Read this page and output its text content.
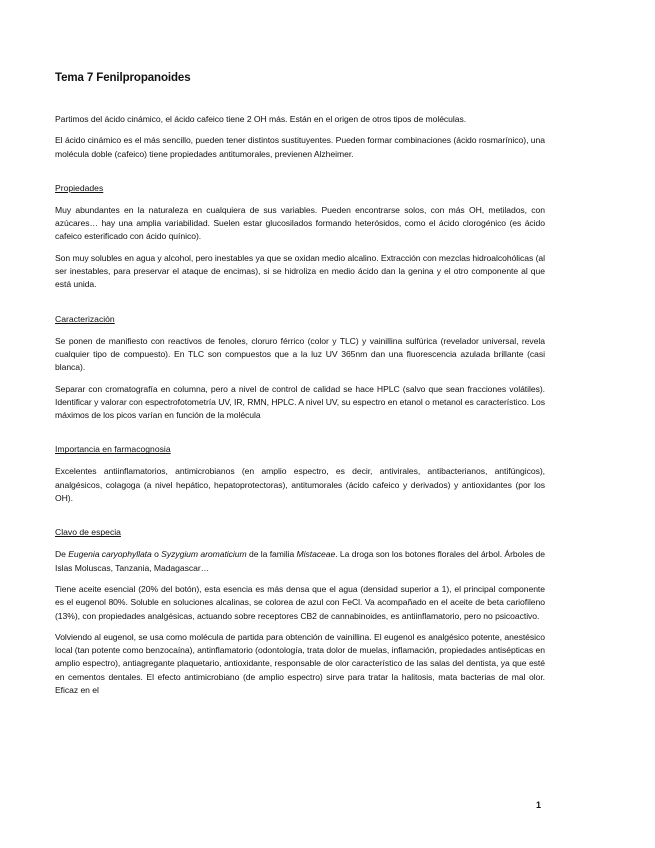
Tema 7 Fenilpropanoides

Partimos del ácido cinámico, el ácido cafeico tiene 2 OH más. Están en el origen de otros tipos de moléculas.

El ácido cinámico es el más sencillo, pueden tener distintos sustituyentes. Pueden formar combinaciones (ácido rosmarínico), una molécula doble (cafeico) tiene propiedades antitumorales, previenen Alzheimer.

Propiedades

Muy abundantes en la naturaleza en cualquiera de sus variables. Pueden encontrarse solos, con más OH, metilados, con azúcares… hay una amplia variabilidad. Suelen estar glucosilados formando heterósidos, como el ácido clorogénico (es ácido cafeico esterificado con ácido quínico).

Son muy solubles en agua y alcohol, pero inestables ya que se oxidan medio alcalino. Extracción con mezclas hidroalcohólicas (al ser inestables, para preservar el ataque de encimas), si se hidroliza en medio ácido dan la genina y el otro componente al que está unida.

Caracterización

Se ponen de manifiesto con reactivos de fenoles, cloruro férrico (color y TLC) y vainillina sulfúrica (revelador universal, revela cualquier tipo de compuesto). En TLC son compuestos que a la luz UV 365nm dan una fluorescencia azulada brillante (casi blanca).

Separar con cromatografía en columna, pero a nivel de control de calidad se hace HPLC (salvo que sean fracciones volátiles). Identificar y valorar con espectrofotometría UV, IR, RMN, HPLC. A nivel UV, su espectro en etanol o metanol es característico. Los máximos de los picos varían en función de la molécula

Importancia en farmacognosia

Excelentes antiinflamatorios, antimicrobianos (en amplio espectro, es decir, antivirales, antibacterianos, antifúngicos), analgésicos, colagoga (a nivel hepático, hepatoprotectoras), antitumorales (ácido cafeico y derivados) y antioxidantes (por los OH).

Clavo de especia

De Eugenia caryophyllata o Syzygium aromaticium de la familia Mistaceae. La droga son los botones florales del árbol. Árboles de Islas Moluscas, Tanzania, Madagascar…

Tiene aceite esencial (20% del botón), esta esencia es más densa que el agua (densidad superior a 1), el principal componente es el eugenol 80%. Soluble en soluciones alcalinas, se colorea de azul con FeCl. Va acompañado en el aceite de beta cariofileno (13%), con propiedades analgésicas, actuando sobre receptores CB2 de cannabinoides, es antiinflamatorio, pero no psicoactivo.

Volviendo al eugenol, se usa como molécula de partida para obtención de vainillina. El eugenol es analgésico potente, anestésico local (tan potente como benzocaína), antinflamatorio (odontología, trata dolor de muelas, inflamación, propiedades antisépticas en amplio espectro), antiagregante plaquetario, antioxidante, responsable de olor característico de las salas del dentista, ya que esté en cementos dentales. El efecto antimicrobiano (de amplio espectro) sirve para tratar la halitosis, mata bacterias de mal olor. Eficaz en el

1
